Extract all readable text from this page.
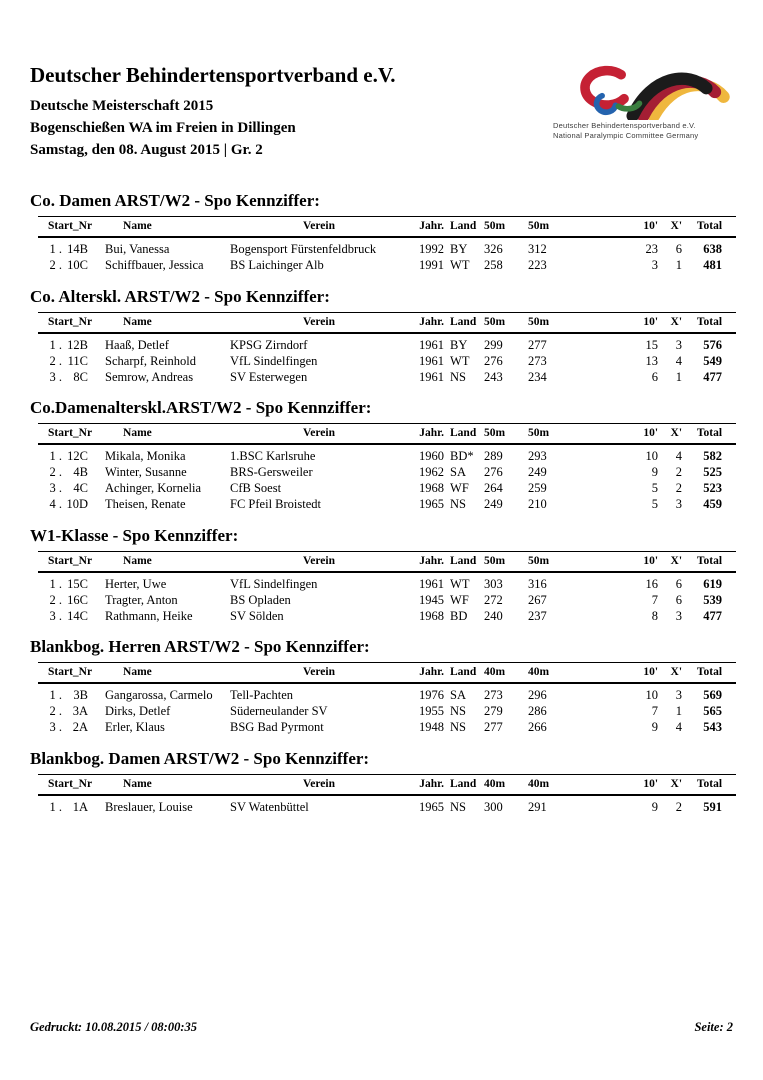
Deutscher Behindertensportverband e.V.

Deutsche Meisterschaft 2015

Bogenschießen WA im Freien in Dillingen

Samstag, den 08. August 2015 | Gr. 2

Deutscher Behindertensportverband e.V.
National Paralympic Committee Germany
Co. Damen ARST/W2 - Spo Kennziffer:
Start_Nr		Name	Verein	Jahr.	Land	50m	50m		10'	X'	Total
1 .	14B	Bui, Vanessa	Bogensport Fürstenfeldbruck	1992	BY	326	312		23	6	638
2 .	10C	Schiffbauer, Jessica	BS Laichinger Alb	1991	WT	258	223		3	1	481
Co. Alterskl. ARST/W2 - Spo Kennziffer:
Start_Nr		Name	Verein	Jahr.	Land	50m	50m		10'	X'	Total
1 .	12B	Haaß, Detlef	KPSG Zirndorf	1961	BY	299	277		15	3	576
2 .	11C	Scharpf, Reinhold	VfL Sindelfingen	1961	WT	276	273		13	4	549
3 .	8C	Semrow, Andreas	SV Esterwegen	1961	NS	243	234		6	1	477
Co.Damenalterskl.ARST/W2 - Spo Kennziffer:
Start_Nr		Name	Verein	Jahr.	Land	50m	50m		10'	X'	Total
1 .	12C	Mikala, Monika	1.BSC Karlsruhe	1960	BD*	289	293		10	4	582
2 .	4B	Winter, Susanne	BRS-Gersweiler	1962	SA	276	249		9	2	525
3 .	4C	Achinger, Kornelia	CfB Soest	1968	WF	264	259		5	2	523
4 .	10D	Theisen, Renate	FC Pfeil Broistedt	1965	NS	249	210		5	3	459
W1-Klasse - Spo Kennziffer:
Start_Nr		Name	Verein	Jahr.	Land	50m	50m		10'	X'	Total
1 .	15C	Herter, Uwe	VfL Sindelfingen	1961	WT	303	316		16	6	619
2 .	16C	Tragter, Anton	BS Opladen	1945	WF	272	267		7	6	539
3 .	14C	Rathmann, Heike	SV Sölden	1968	BD	240	237		8	3	477
Blankbog. Herren ARST/W2 - Spo Kennziffer:
Start_Nr		Name	Verein	Jahr.	Land	40m	40m		10'	X'	Total
1 .	3B	Gangarossa, Carmelo	Tell-Pachten	1976	SA	273	296		10	3	569
2 .	3A	Dirks, Detlef	Süderneulander SV	1955	NS	279	286		7	1	565
3 .	2A	Erler, Klaus	BSG Bad Pyrmont	1948	NS	277	266		9	4	543
Blankbog. Damen ARST/W2 - Spo Kennziffer:
Start_Nr		Name	Verein	Jahr.	Land	40m	40m		10'	X'	Total
1 .	1A	Breslauer, Louise	SV Watenbüttel	1965	NS	300	291		9	2	591
Gedruckt: 10.08.2015 / 08:00:35	Seite: 2
